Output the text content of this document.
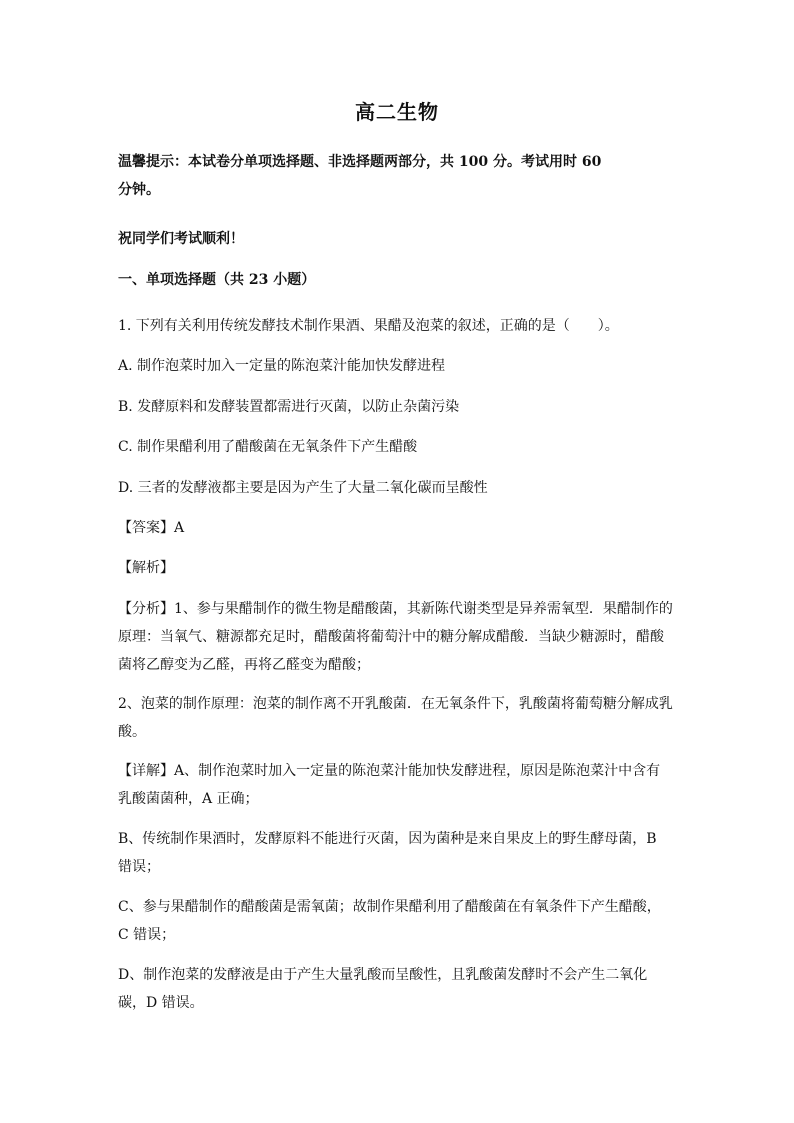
高二生物
温馨提示：本试卷分单项选择题、非选择题两部分，共 100 分。考试用时 60
分钟。
祝同学们考试顺利！
一、单项选择题（共 23 小题）
1. 下列有关利用传统发酵技术制作果酒、果醋及泡菜的叙述，正确的是（　　）。
A. 制作泡菜时加入一定量的陈泡菜汁能加快发酵进程
B. 发酵原料和发酵装置都需进行灭菌，以防止杂菌污染
C. 制作果醋利用了醋酸菌在无氧条件下产生醋酸
D. 三者的发酵液都主要是因为产生了大量二氧化碳而呈酸性
【答案】A
【解析】
【分析】1、参与果醋制作的微生物是醋酸菌，其新陈代谢类型是异养需氧型．果醋制作的
原理：当氧气、糖源都充足时，醋酸菌将葡萄汁中的糖分解成醋酸．当缺少糖源时，醋酸
菌将乙醇变为乙醛，再将乙醛变为醋酸；
2、泡菜的制作原理：泡菜的制作离不开乳酸菌．在无氧条件下，乳酸菌将葡萄糖分解成乳
酸。
【详解】A、制作泡菜时加入一定量的陈泡菜汁能加快发酵进程，原因是陈泡菜汁中含有
乳酸菌菌种，A 正确；
B、传统制作果酒时，发酵原料不能进行灭菌，因为菌种是来自果皮上的野生酵母菌，B
错误；
C、参与果醋制作的醋酸菌是需氧菌；故制作果醋利用了醋酸菌在有氧条件下产生醋酸，
C 错误；
D、制作泡菜的发酵液是由于产生大量乳酸而呈酸性，且乳酸菌发酵时不会产生二氧化
碳，D 错误。
